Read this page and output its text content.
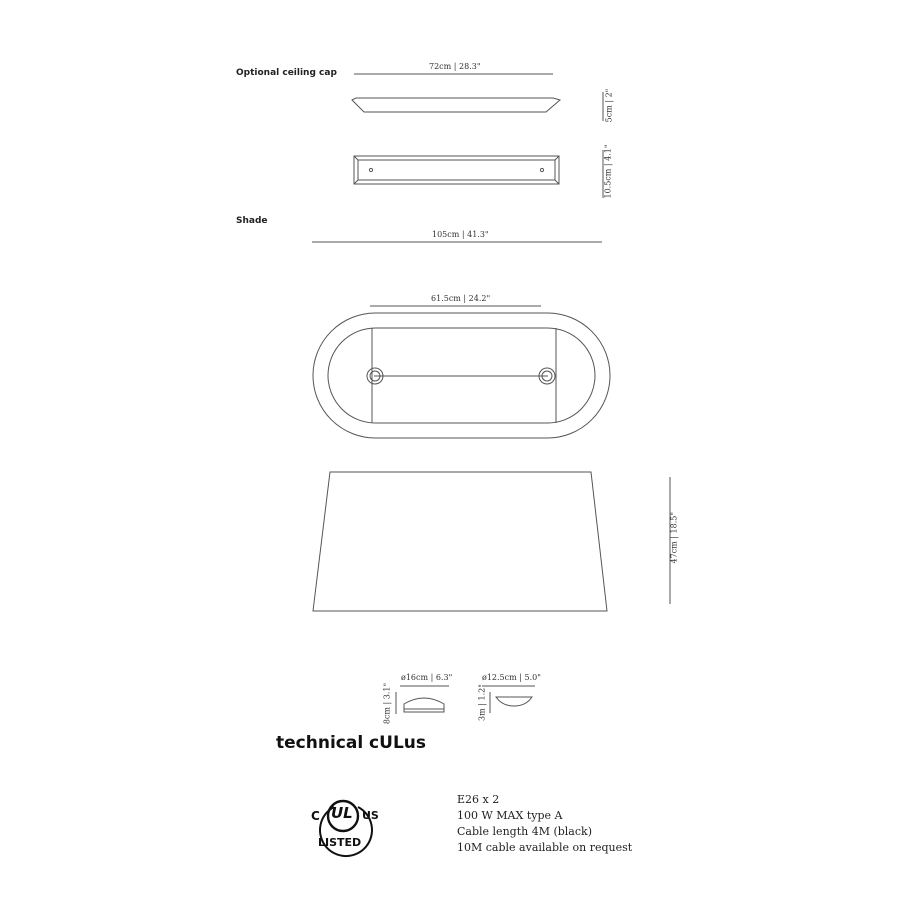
Optional ceiling cap
72cm | 28.3"
5cm | 2"
10.5cm | 4.1"
Shade
105cm | 41.3"
61.5cm | 24.2"
47cm | 18.5"
ø16cm | 6.3"
8cm | 3.1"
ø12.5cm | 5.0"
3m | 1.2"
technical cULus
C UL US
LISTED
E26 x 2
100 W MAX type A
Cable length 4M (black)
10M cable available on request
